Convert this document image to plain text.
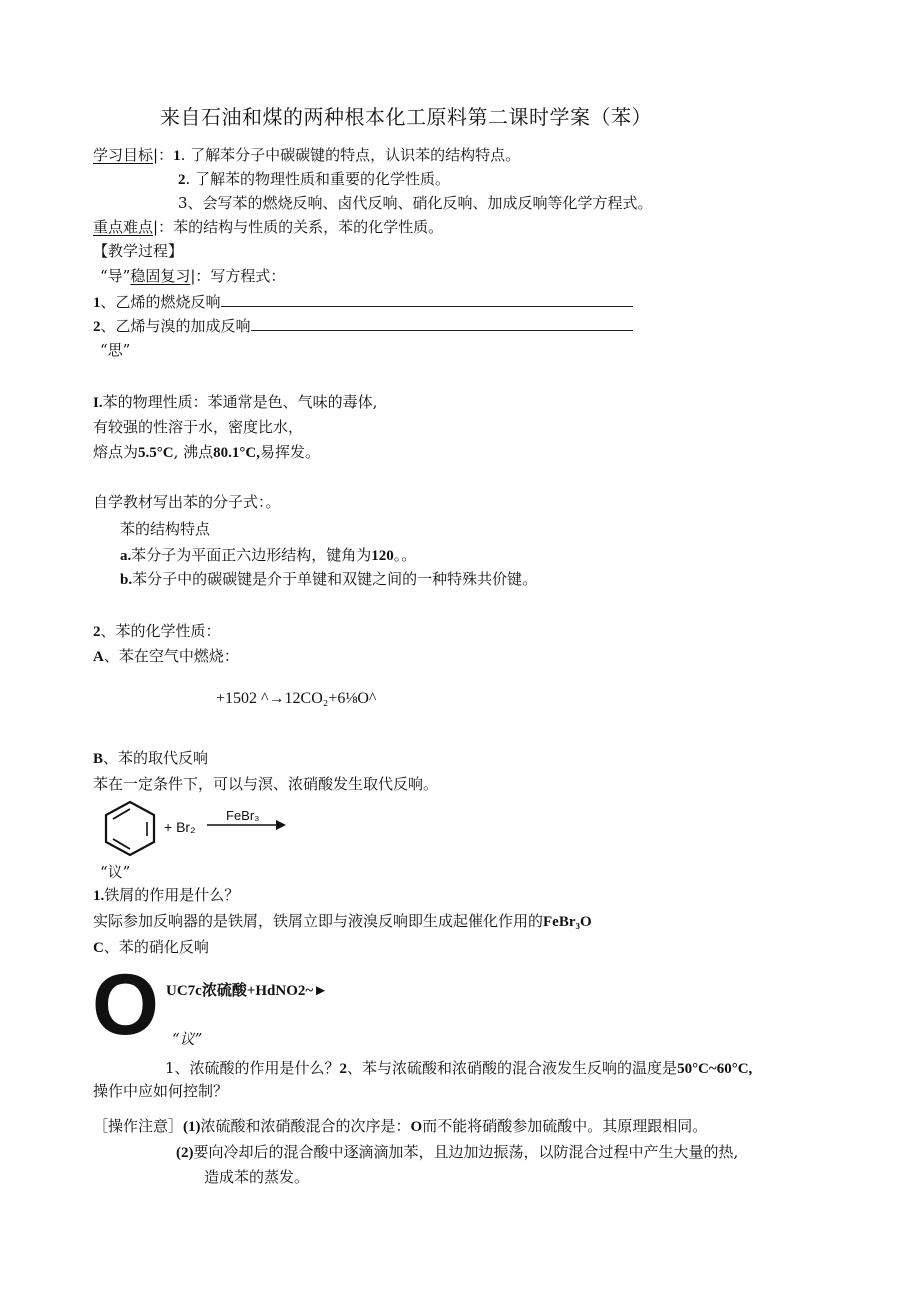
来自石油和煤的两种根本化工原料第二课时学案（苯）
学习目标|：1. 了解苯分子中碳碳键的特点，认识苯的结构特点。
2. 了解苯的物理性质和重要的化学性质。
3、会写苯的燃烧反响、卤代反响、硝化反响、加成反响等化学方程式。
重点难点|：苯的结构与性质的关系，苯的化学性质。
【教学过程】
“导”稳固复习|：写方程式：
1、乙烯的燃烧反响
2、乙烯与溴的加成反响
“思”
I.苯的物理性质：苯通常是色、气味的毒体,
有较强的性溶于水，密度比水，
熔点为5.5°C, 沸点80.1°C,易挥发。
自学教材写出苯的分子式：。
苯的结构特点
a.苯分子为平面正六边形结构，键角为120。。
b.苯分子中的碳碳键是介于单键和双键之间的一种特殊共价键。
2、苯的化学性质：
A、苯在空气中燃烧：
+1502 ^→12CO₂+6⅛O^
B、苯的取代反响
苯在一定条件下，可以与溟、浓硝酸发生取代反响。
+ Br₂
FeBr₃
“议”
1.铁屑的作用是什么？
实际参加反响器的是铁屑，铁屑立即与液溴反响即生成起催化作用的FeBr₃O
C、苯的硝化反响
O UC7c浓硫酸+HdNO2~►
“议”
1、浓硫酸的作用是什么？2、苯与浓硫酸和浓硝酸的混合液发生反响的温度是50°C~60°C,
操作中应如何控制？
［操作注意］(1)浓硫酸和浓硝酸混合的次序是：O而不能将硝酸参加硫酸中。其原理跟相同。
(2)要向冷却后的混合酸中逐滴滴加苯，且边加边振荡，以防混合过程中产生大量的热,
造成苯的蒸发。
